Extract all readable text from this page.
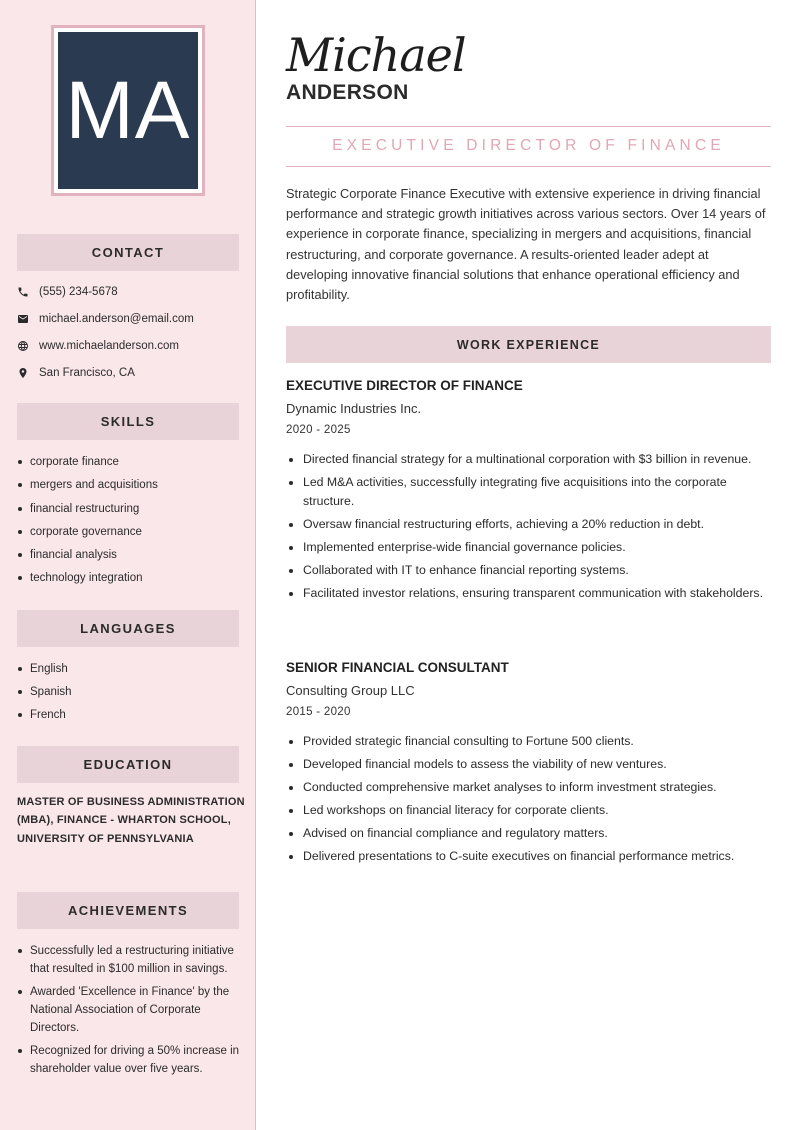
MA
CONTACT
(555) 234-5678
michael.anderson@email.com
www.michaelanderson.com
San Francisco, CA
SKILLS
corporate finance
mergers and acquisitions
financial restructuring
corporate governance
financial analysis
technology integration
LANGUAGES
English
Spanish
French
EDUCATION
MASTER OF BUSINESS ADMINISTRATION (MBA), FINANCE - WHARTON SCHOOL, UNIVERSITY OF PENNSYLVANIA
ACHIEVEMENTS
Successfully led a restructuring initiative that resulted in $100 million in savings.
Awarded 'Excellence in Finance' by the National Association of Corporate Directors.
Recognized for driving a 50% increase in shareholder value over five years.
Michael
ANDERSON
EXECUTIVE DIRECTOR OF FINANCE

Strategic Corporate Finance Executive with extensive experience in driving financial performance and strategic growth initiatives across various sectors. Over 14 years of experience in corporate finance, specializing in mergers and acquisitions, financial restructuring, and corporate governance. A results-oriented leader adept at developing innovative financial solutions that enhance operational efficiency and profitability.

WORK EXPERIENCE
EXECUTIVE DIRECTOR OF FINANCE
Dynamic Industries Inc.
2020 - 2025
Directed financial strategy for a multinational corporation with $3 billion in revenue.
Led M&A activities, successfully integrating five acquisitions into the corporate structure.
Oversaw financial restructuring efforts, achieving a 20% reduction in debt.
Implemented enterprise-wide financial governance policies.
Collaborated with IT to enhance financial reporting systems.
Facilitated investor relations, ensuring transparent communication with stakeholders.
SENIOR FINANCIAL CONSULTANT
Consulting Group LLC
2015 - 2020
Provided strategic financial consulting to Fortune 500 clients.
Developed financial models to assess the viability of new ventures.
Conducted comprehensive market analyses to inform investment strategies.
Led workshops on financial literacy for corporate clients.
Advised on financial compliance and regulatory matters.
Delivered presentations to C-suite executives on financial performance metrics.
